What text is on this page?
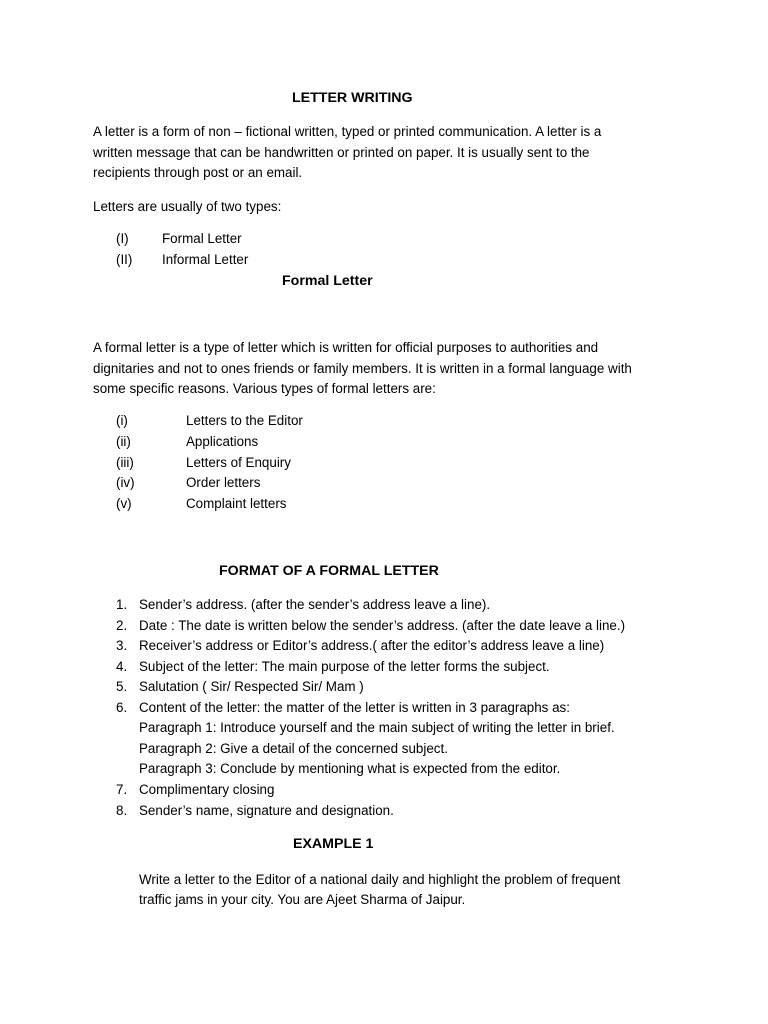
LETTER WRITING
A letter is a form of non – fictional written, typed or printed communication. A letter is a
written message that can be handwritten or printed on paper. It is usually sent to the
recipients through post or an email.
Letters are usually of two types:
(I) Formal Letter
(II) Informal Letter
Formal Letter
A formal letter is a type of letter which is written for official purposes to authorities and
dignitaries and not to ones friends or family members. It is written in a formal language with
some specific reasons. Various types of formal letters are:
(i)	Letters to the Editor
(ii)	Applications
(iii)	Letters of Enquiry
(iv)	Order letters
(v)	Complaint letters
FORMAT OF A FORMAL LETTER
1. Sender’s address. (after the sender’s address leave a line).
2. Date : The date is written below the sender’s address. (after the date leave a line.)
3. Receiver’s address or Editor’s address.( after the editor’s address leave a line)
4. Subject of the letter: The main purpose of the letter forms the subject.
5. Salutation ( Sir/ Respected Sir/ Mam )
6. Content of the letter: the matter of the letter is written in 3 paragraphs as:
Paragraph 1: Introduce yourself and the main subject of writing the letter in brief.
Paragraph 2: Give a detail of the concerned subject.
Paragraph 3: Conclude by mentioning what is expected from the editor.
7. Complimentary closing
8. Sender’s name, signature and designation.
EXAMPLE 1
Write a letter to the Editor of a national daily and highlight the problem of frequent
traffic jams in your city. You are Ajeet Sharma of Jaipur.
